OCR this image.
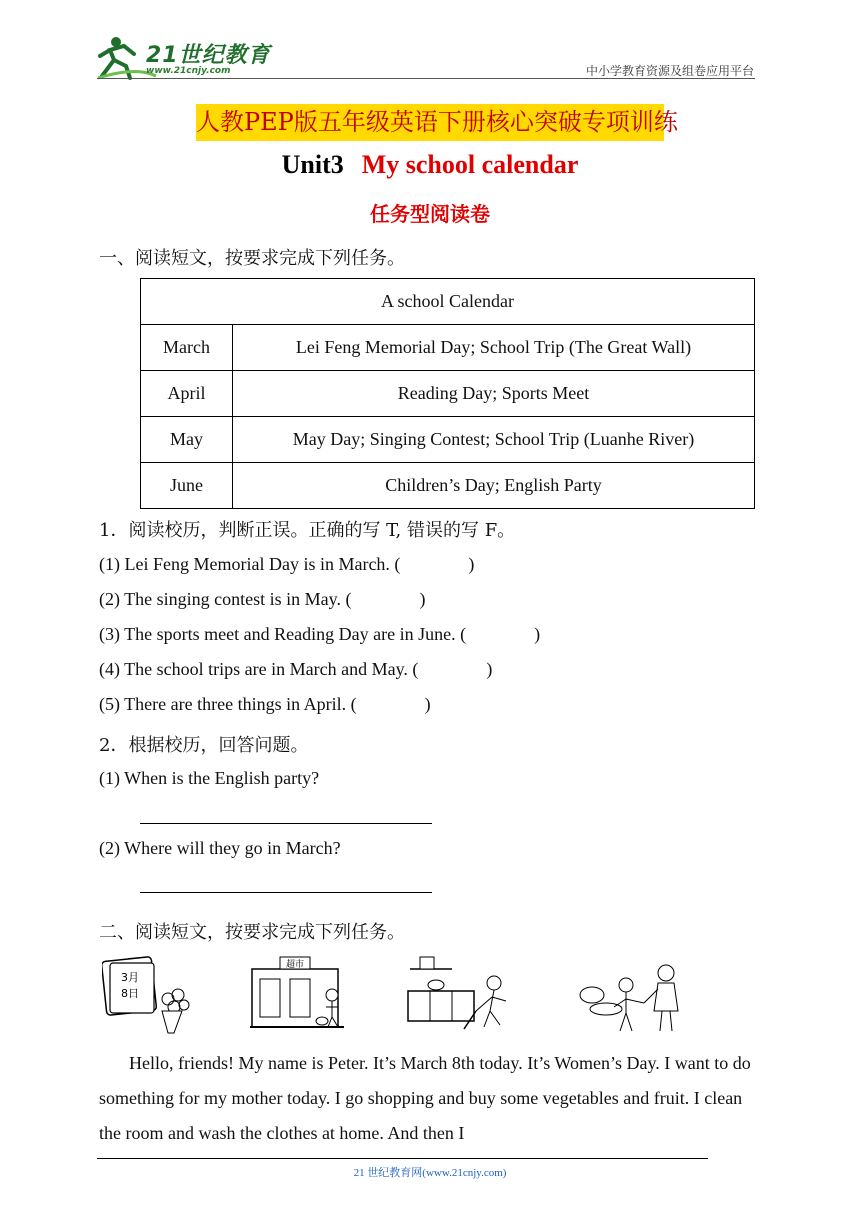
21世纪教育
www.21cnjy.com	中小学教育资源及组卷应用平台
人教PEP版五年级英语下册核心突破专项训练
Unit3 My school calendar
任务型阅读卷
一、阅读短文，按要求完成下列任务。
A school Calendar	
March	Lei Feng Memorial Day; School Trip (The Great Wall)
April	Reading Day; Sports Meet
May	May Day; Singing Contest; School Trip (Luanhe River)
June	Children’s Day; English Party
1．阅读校历，判断正误。正确的写 T, 错误的写 F。
(1) Lei Feng Memorial Day is in March. (	)
(2) The singing contest is in May. (	)
(3) The sports meet and Reading Day are in June. (	)
(4) The school trips are in March and May. (	)
(5) There are three things in April. (	)
2．根据校历，回答问题。
(1) When is the English party?
(2) Where will they go in March?
二、阅读短文，按要求完成下列任务。
3月
8日
超市
Hello, friends! My name is Peter. It’s March 8th today. It’s Women’s Day. I want to do something for my mother today. I go shopping and buy some vegetables and fruit. I clean the room and wash the clothes at home. And then I
21 世纪教育网(www.21cnjy.com)
